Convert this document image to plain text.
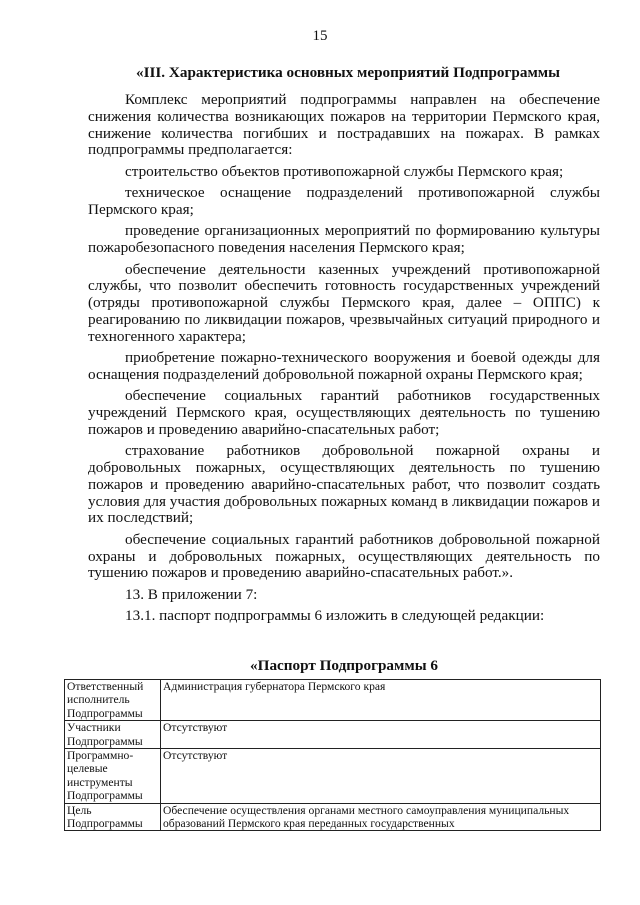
15
«III. Характеристика основных мероприятий Подпрограммы

Комплекс мероприятий подпрограммы направлен на обеспечение снижения количества возникающих пожаров на территории Пермского края, снижение количества погибших и пострадавших на пожарах. В рамках подпрограммы предполагается:

строительство объектов противопожарной службы Пермского края;

техническое оснащение подразделений противопожарной службы Пермского края;

проведение организационных мероприятий по формированию культуры пожаробезопасного поведения населения Пермского края;

обеспечение деятельности казенных учреждений противопожарной службы, что позволит обеспечить готовность государственных учреждений (отряды противопожарной службы Пермского края, далее – ОППС) к реагированию по ликвидации пожаров, чрезвычайных ситуаций природного и техногенного характера;

приобретение пожарно-технического вооружения и боевой одежды для оснащения подразделений добровольной пожарной охраны Пермского края;

обеспечение социальных гарантий работников государственных учреждений Пермского края, осуществляющих деятельность по тушению пожаров и проведению аварийно-спасательных работ;

страхование работников добровольной пожарной охраны и добровольных пожарных, осуществляющих деятельность по тушению пожаров и проведению аварийно-спасательных работ, что позволит создать условия для участия добровольных пожарных команд в ликвидации пожаров и их последствий;

обеспечение социальных гарантий работников добровольной пожарной охраны и добровольных пожарных, осуществляющих деятельность по тушению пожаров и проведению аварийно-спасательных работ.».

13. В приложении 7:

13.1. паспорт подпрограммы 6 изложить в следующей редакции:

«Паспорт Подпрограммы 6
Ответственный исполнитель Подпрограммы	Администрация губернатора Пермского края
Участники Подпрограммы	Отсутствуют
Программно-целевые инструменты Подпрограммы	Отсутствуют
Цель Подпрограммы	Обеспечение осуществления органами местного самоуправления муниципальных образований Пермского края переданных государственных
